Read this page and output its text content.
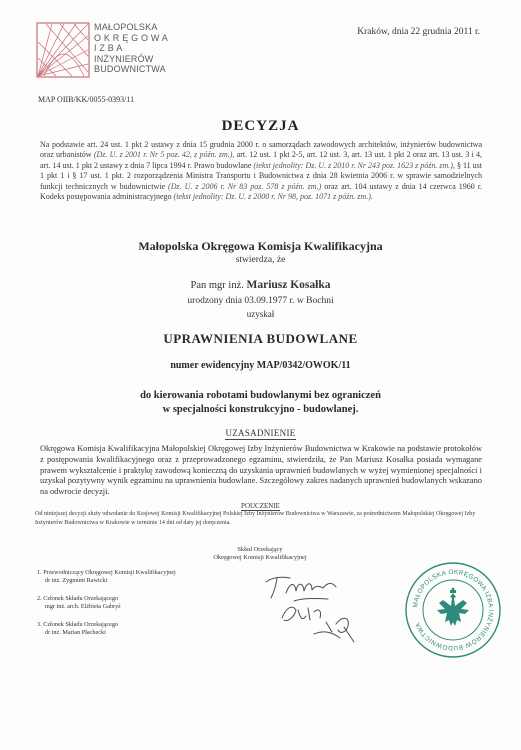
MAŁOPOLSKA
O K R Ę G O W A
I Z B A
INŻYNIERÓW
BUDOWNICTWA
Kraków, dnia 22 grudnia 2011 r.
MAP OIIB/KK/0055-0393/11
DECYZJA
Na podstawie art. 24 ust. 1 pkt 2 ustawy z dnia 15 grudnia 2000 r. o samorządach zawodowych architektów, inżynierów budownictwa oraz urbanistów (Dz. U. z 2001 r. Nr 5 poz. 42, z późn. zm.), art. 12 ust. 1 pkt 2-5, art. 12 ust. 3, art. 13 ust. 1 pkt 2 oraz art. 13 ust. 3 i 4, art. 14 ust. 1 pkt 2 ustawy z dnia 7 lipca 1994 r. Prawo budowlane (tekst jednolity: Dz. U. z 2010 r. Nr 243 poz. 1623 z późn. zm.), § 11 ust 1 pkt 1 i § 17 ust. 1 pkt. 2 rozporządzenia Ministra Transportu i Budownictwa z dnia 28 kwietnia 2006 r. w sprawie samodzielnych funkcji technicznych w budownictwie (Dz. U. z 2006 r. Nr 83 poz. 578 z późn. zm.) oraz art. 104 ustawy z dnia 14 czerwca 1960 r. Kodeks postępowania administracyjnego (tekst jednolity: Dz. U. z 2000 r. Nr 98, poz. 1071 z późn. zm.).
Małopolska Okręgowa Komisja Kwalifikacyjna
stwierdza, że
Pan mgr inż. Mariusz Kosałka
urodzony dnia 03.09.1977 r. w Bochni
uzyskał
UPRAWNIENIA BUDOWLANE
numer ewidencyjny MAP/0342/OWOK/11
do kierowania robotami budowlanymi bez ograniczeń
w specjalności konstrukcyjno - budowlanej.
UZASADNIENIE
Okręgowa Komisja Kwalifikacyjna Małopolskiej Okręgowej Izby Inżynierów Budownictwa w Krakowie na podstawie protokołów z postępowania kwalifikacyjnego oraz z przeprowadzonego egzaminu, stwierdziła, że Pan Mariusz Kosałka posiada wymagane prawem wykształcenie i praktykę zawodową konieczną do uzyskania uprawnień budowlanych w wyżej wymienionej specjalności i uzyskał pozytywny wynik egzaminu na uprawnienia budowlane. Szczegółowy zakres nadanych uprawnień budowlanych wskazano na odwrocie decyzji.
POUCZENIE
Od niniejszej decyzji służy odwołanie do Krajowej Komisji Kwalifikacyjnej Polskiej Izby Inżynierów Budownictwa w Warszawie, za pośrednictwem Małopolskiej Okręgowej Izby Inżynierów Budownictwa w Krakowie w terminie 14 dni od daty jej doręczenia.
Skład Orzekający
Okręgowej Komisji Kwalifikacyjnej
1. Przewodniczący Okręgowej Komisji Kwalifikacyjnej
dr inż. Zygmunt Rawicki
2. Członek Składu Orzekającego
mgr inż. arch. Elżbieta Gabryś
3. Członek Składu Orzekającego
dr inż. Marian Płachecki
MAŁOPOLSKA OKRĘGOWA IZBA INŻYNIERÓW BUDOWNICTWA
